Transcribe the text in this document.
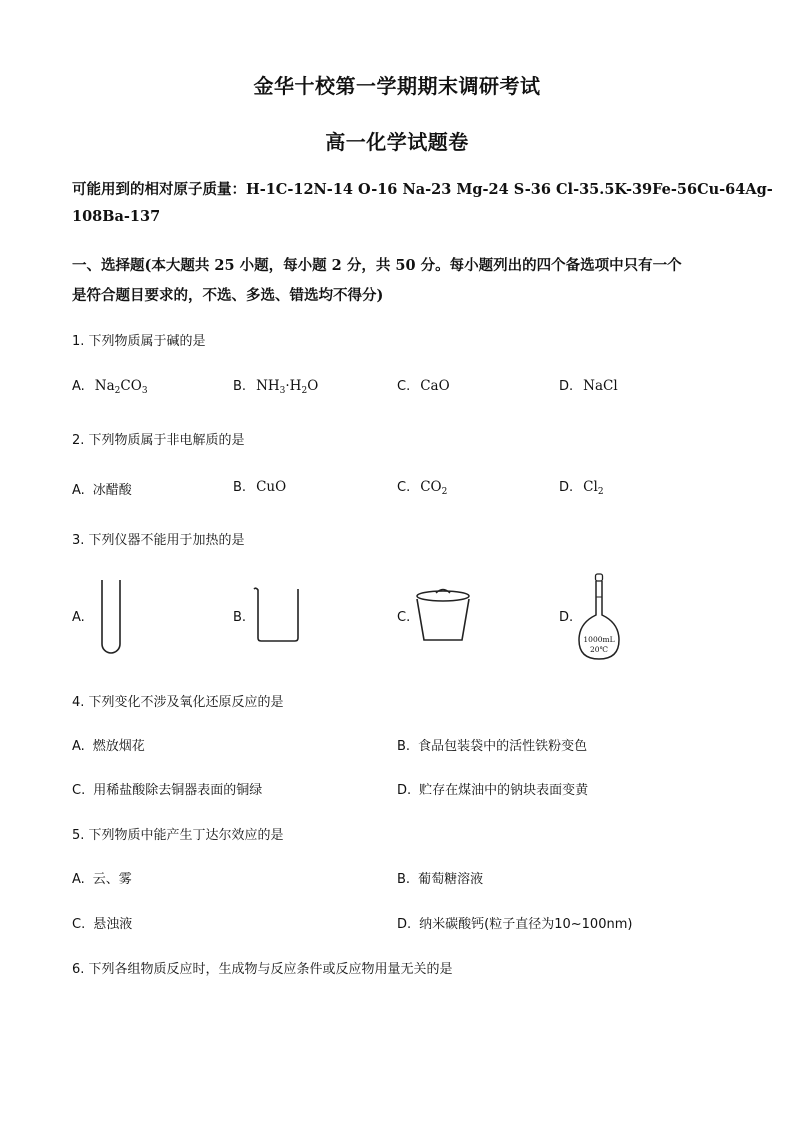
金华十校第一学期期末调研考试
高一化学试题卷
可能用到的相对原子质量：H-1C-12N-14 O-16 Na-23 Mg-24 S-36 Cl-35.5K-39Fe-56Cu-64Ag-
108Ba-137
一、选择题(本大题共 25 小题，每小题 2 分，共 50 分。每小题列出的四个备选项中只有一个
是符合题目要求的，不选、多选、错选均不得分)
1. 下列物质属于碱的是
A. $Na_2CO_3$	B. $NH_3\cdot H_2O$	C. CaO	D. NaCl
2. 下列物质属于非电解质的是
A. 冰醋酸	B. CuO	C. $CO_2$	D. $Cl_2$
3. 下列仪器不能用于加热的是
A.	B.	C.	D.
1000mL
20℃
4. 下列变化不涉及氧化还原反应的是
A. 燃放烟花	B. 食品包装袋中的活性铁粉变色
C. 用稀盐酸除去铜器表面的铜绿	D. 贮存在煤油中的钠块表面变黄
5. 下列物质中能产生丁达尔效应的是
A. 云、雾	B. 葡萄糖溶液
C. 悬浊液	D. 纳米碳酸钙(粒子直径为10~100nm)
6. 下列各组物质反应时，生成物与反应条件或反应物用量无关的是
